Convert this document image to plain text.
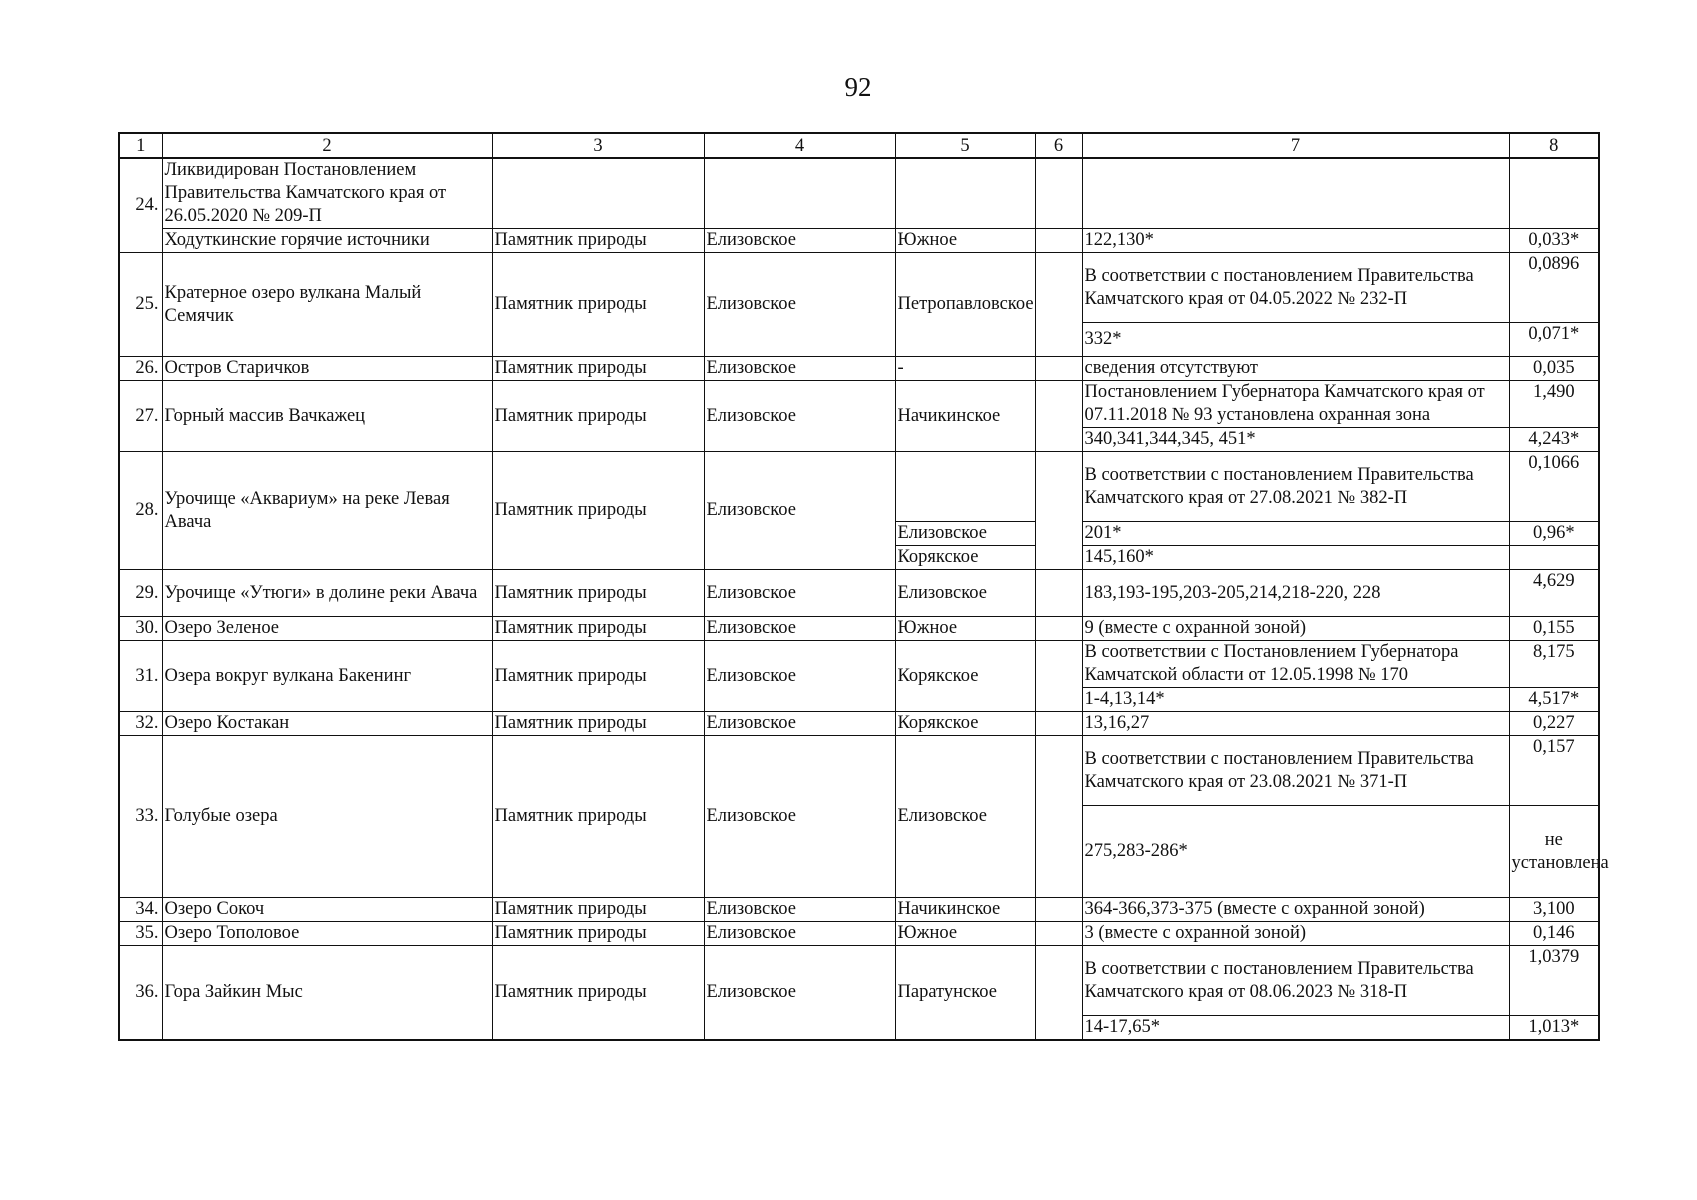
92
1	2	3	4	5	6	7	8
24.	Ликвидирован Постановлением Правительства Камчатского края от 26.05.2020 № 209-П						
	Ходуткинские горячие источники	Памятник природы	Елизовское	Южное		122,130*	0,033*
25.	Кратерное озеро вулкана Малый Семячик	Памятник природы	Елизовское	Петропавловское		В соответствии с постановлением Правительства Камчатского края от 04.05.2022 № 232-П	0,0896
						332*	0,071*
26.	Остров Старичков	Памятник природы	Елизовское	-		сведения отсутствуют	0,035
27.	Горный массив Вачкажец	Памятник природы	Елизовское	Начикинское		Постановлением Губернатора Камчатского края от 07.11.2018 № 93 установлена охранная зона	1,490
						340,341,344,345, 451*	4,243*
28.	Урочище «Аквариум» на реке Левая Авача	Памятник природы	Елизовское			В соответствии с постановлением Правительства Камчатского края от 27.08.2021 № 382-П	0,1066
				Елизовское		201*	0,96*
				Корякское		145,160*	
29.	Урочище «Утюги» в долине реки Авача	Памятник природы	Елизовское	Елизовское		183,193-195,203-205,214,218-220, 228	4,629
30.	Озеро Зеленое	Памятник природы	Елизовское	Южное		9 (вместе с охранной зоной)	0,155
31.	Озера вокруг вулкана Бакенинг	Памятник природы	Елизовское	Корякское		В соответствии с Постановлением Губернатора Камчатской области от 12.05.1998 № 170	8,175
						1-4,13,14*	4,517*
32.	Озеро Костакан	Памятник природы	Елизовское	Корякское		13,16,27	0,227
33.	Голубые озера	Памятник природы	Елизовское	Елизовское		В соответствии с постановлением Правительства Камчатского края от 23.08.2021 № 371-П	0,157
						275,283-286*	не установлена
34.	Озеро Сокоч	Памятник природы	Елизовское	Начикинское		364-366,373-375 (вместе с охранной зоной)	3,100
35.	Озеро Тополовое	Памятник природы	Елизовское	Южное		3 (вместе с охранной зоной)	0,146
36.	Гора Зайкин Мыс	Памятник природы	Елизовское	Паратунское		В соответствии с постановлением Правительства Камчатского края от 08.06.2023 № 318-П	1,0379
						14-17,65*	1,013*
